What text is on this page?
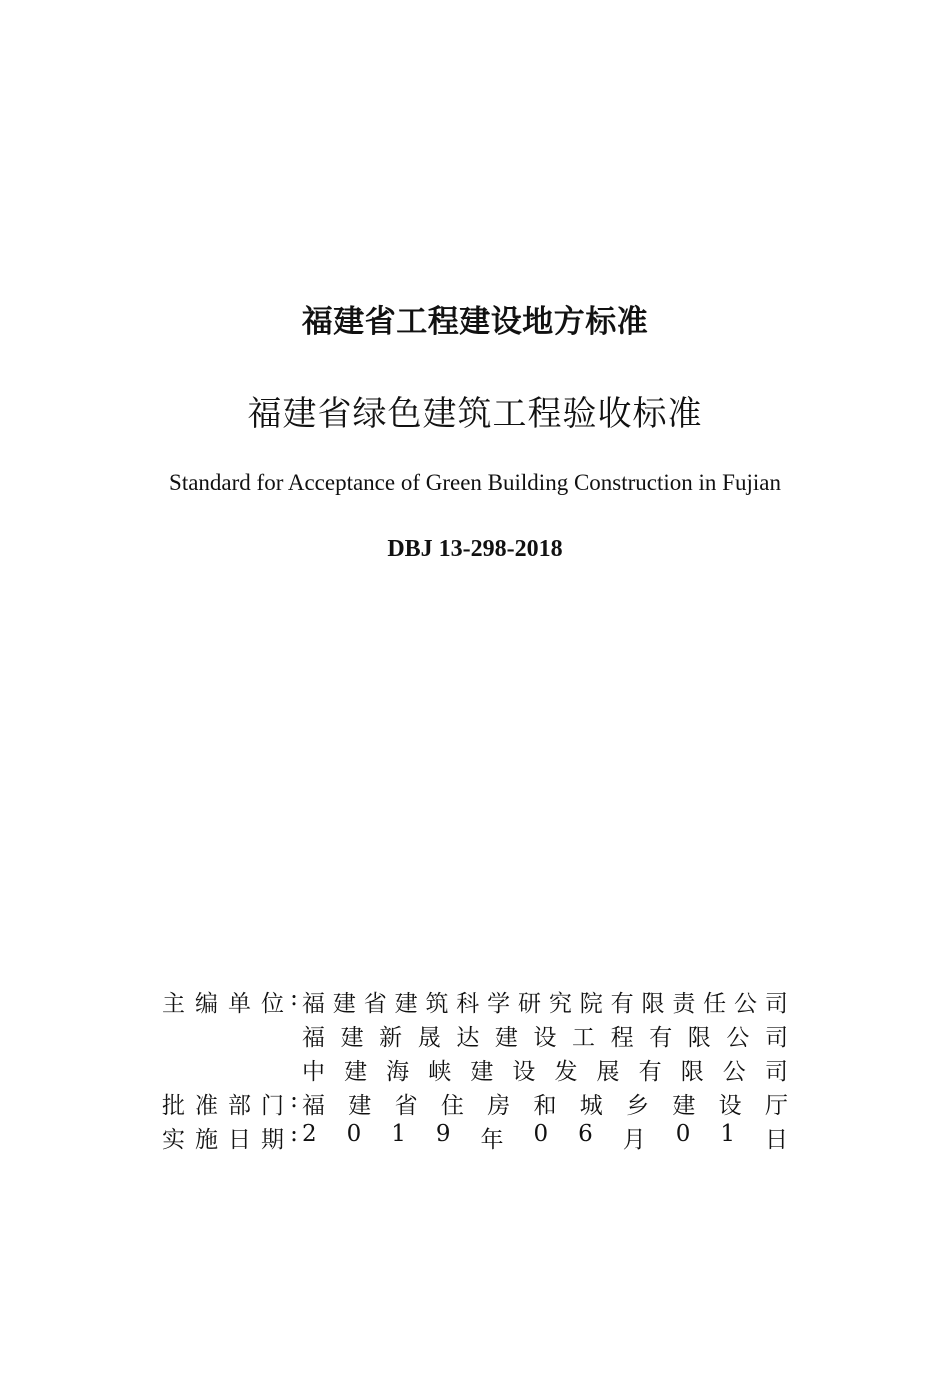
福建省工程建设地方标准
福建省绿色建筑工程验收标准
Standard for Acceptance of Green Building Construction in Fujian
DBJ 13-298-2018
主 编 单 位 : 福 建 省 建 筑 科 学 研 究 院 有 限 责 任 公 司
福 建 新 晟 达 建 设 工 程 有 限 公 司
中 建 海 峡 建 设 发 展 有 限 公 司
批 准 部 门 : 福 建 省 住 房 和 城 乡 建 设 厅
实 施 日 期 : 2 0 1 9 年 0 6 月 0 1 日
